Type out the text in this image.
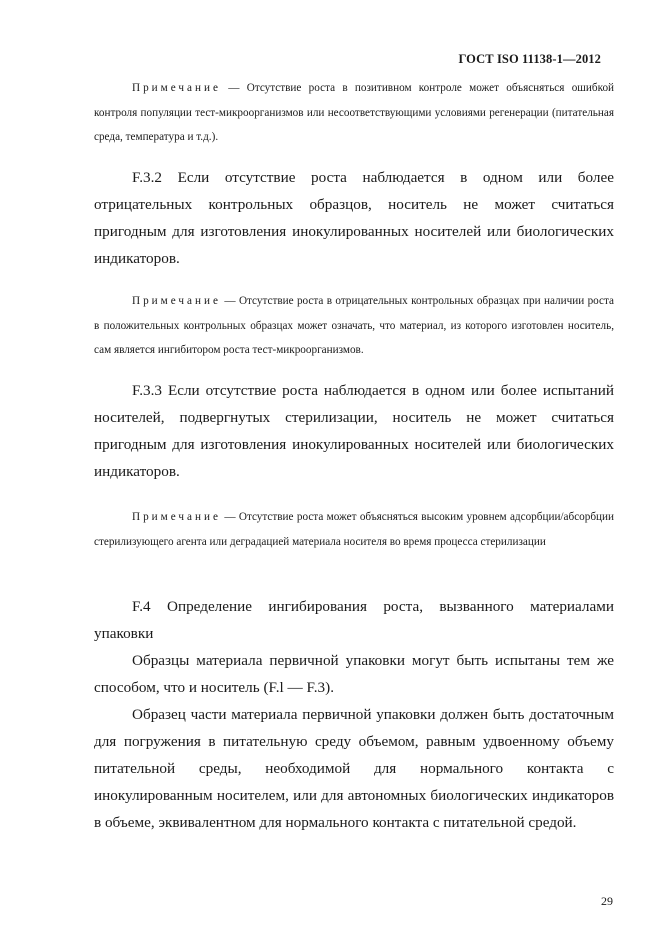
ГОСТ ISO 11138-1—2012
Примечание — Отсутствие роста в позитивном контроле может объясняться ошибкой контроля популяции тест-микроорганизмов или несоответствующими условиями регенерации (питательная среда, температура и т.д.).
F.3.2 Если отсутствие роста наблюдается в одном или более отрицательных контрольных образцов, носитель не может считаться пригодным для изготовления инокулированных носителей или биологических индикаторов.
Примечание — Отсутствие роста в отрицательных контрольных образцах при наличии роста в положительных контрольных образцах может означать, что материал, из которого изготовлен носитель, сам является ингибитором роста тест-микроорганизмов.
F.3.3 Если отсутствие роста наблюдается в одном или более испытаний носителей, подвергнутых стерилизации, носитель не может считаться пригодным для изготовления инокулированных носителей или биологических индикаторов.
Примечание — Отсутствие роста может объясняться высоким уровнем адсорбции/абсорбции стерилизующего агента или деградацией материала носителя во время процесса стерилизации
F.4 Определение ингибирования роста, вызванного материалами упаковки
Образцы материала первичной упаковки могут быть испытаны тем же способом, что и носитель (F.l — F.3).
Образец части материала первичной упаковки должен быть достаточным для погружения в питательную среду объемом, равным удвоенному объему питательной среды, необходимой для нормального контакта с инокулированным носителем, или для автономных биологических индикаторов в объеме, эквивалентном для нормального контакта с питательной средой.
29
